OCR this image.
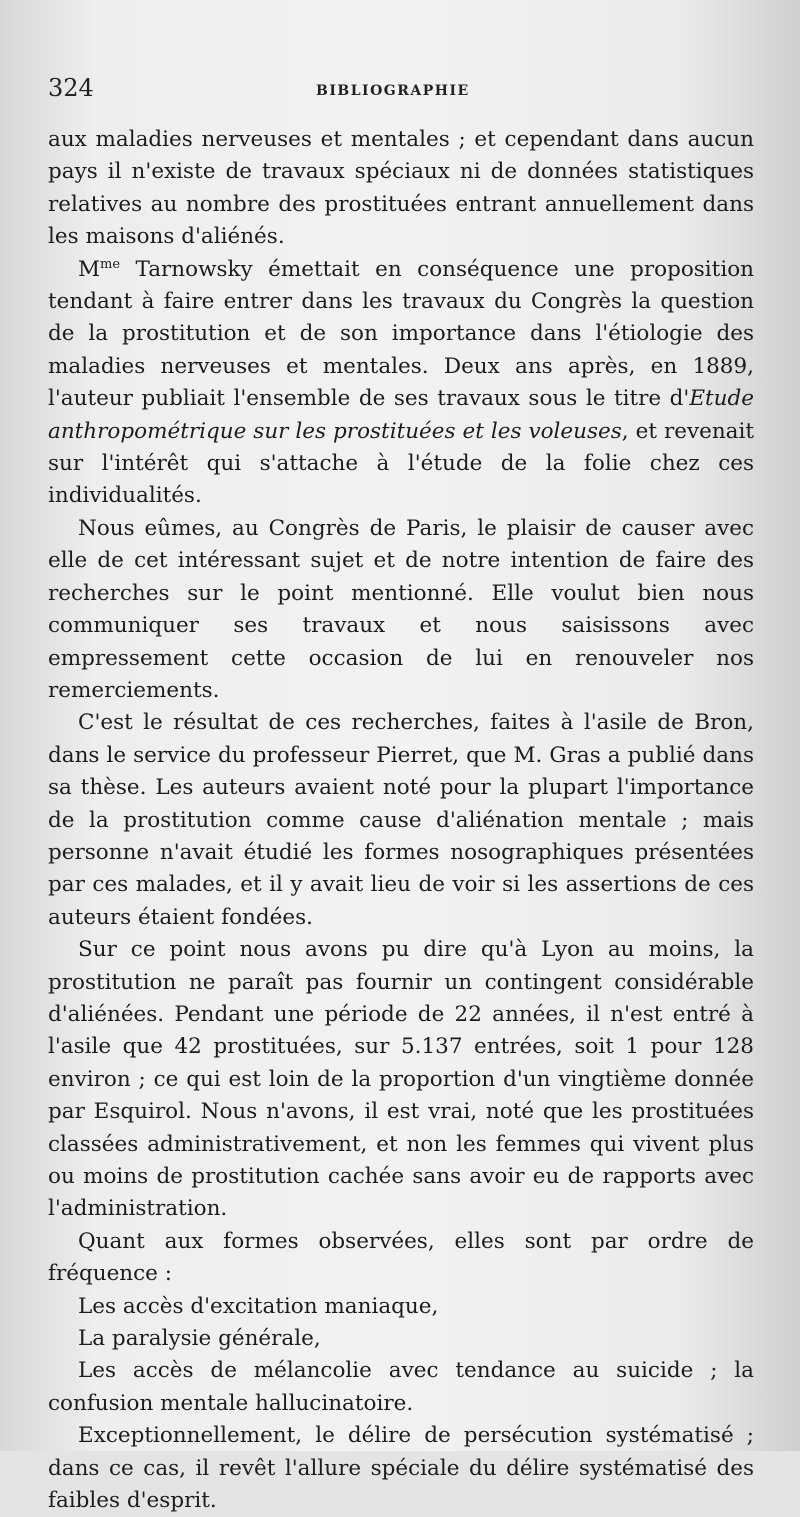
324	BIBLIOGRAPHIE

aux maladies nerveuses et mentales ; et cependant dans aucun pays il n'existe de travaux spéciaux ni de données statistiques relatives au nombre des prostituées entrant annuellement dans les maisons d'aliénés.

$M^{me}$ Tarnowsky émettait en conséquence une proposition tendant à faire entrer dans les travaux du Congrès la question de la prostitution et de son importance dans l'étiologie des maladies nerveuses et mentales. Deux ans après, en 1889, l'auteur publiait l'ensemble de ses travaux sous le titre d'Etude anthropométrique sur les prostituées et les voleuses, et revenait sur l'intérêt qui s'attache à l'étude de la folie chez ces individualités.

Nous eûmes, au Congrès de Paris, le plaisir de causer avec elle de cet intéressant sujet et de notre intention de faire des recherches sur le point mentionné. Elle voulut bien nous communiquer ses travaux et nous saisissons avec empressement cette occasion de lui en renouveler nos remerciements.

C'est le résultat de ces recherches, faites à l'asile de Bron, dans le service du professeur Pierret, que M. Gras a publié dans sa thèse. Les auteurs avaient noté pour la plupart l'importance de la prostitution comme cause d'aliénation mentale ; mais personne n'avait étudié les formes nosographiques présentées par ces malades, et il y avait lieu de voir si les assertions de ces auteurs étaient fondées.

Sur ce point nous avons pu dire qu'à Lyon au moins, la prostitution ne paraît pas fournir un contingent considérable d'aliénées. Pendant une période de 22 années, il n'est entré à l'asile que 42 prostituées, sur 5.137 entrées, soit 1 pour 128 environ ; ce qui est loin de la proportion d'un vingtième donnée par Esquirol. Nous n'avons, il est vrai, noté que les prostituées classées administrativement, et non les femmes qui vivent plus ou moins de prostitution cachée sans avoir eu de rapports avec l'administration.

Quant aux formes observées, elles sont par ordre de fréquence :

Les accès d'excitation maniaque,

La paralysie générale,

Les accès de mélancolie avec tendance au suicide ; la confusion mentale hallucinatoire.

Exceptionnellement, le délire de persécution systématisé ; dans ce cas, il revêt l'allure spéciale du délire systématisé des faibles d'esprit.
